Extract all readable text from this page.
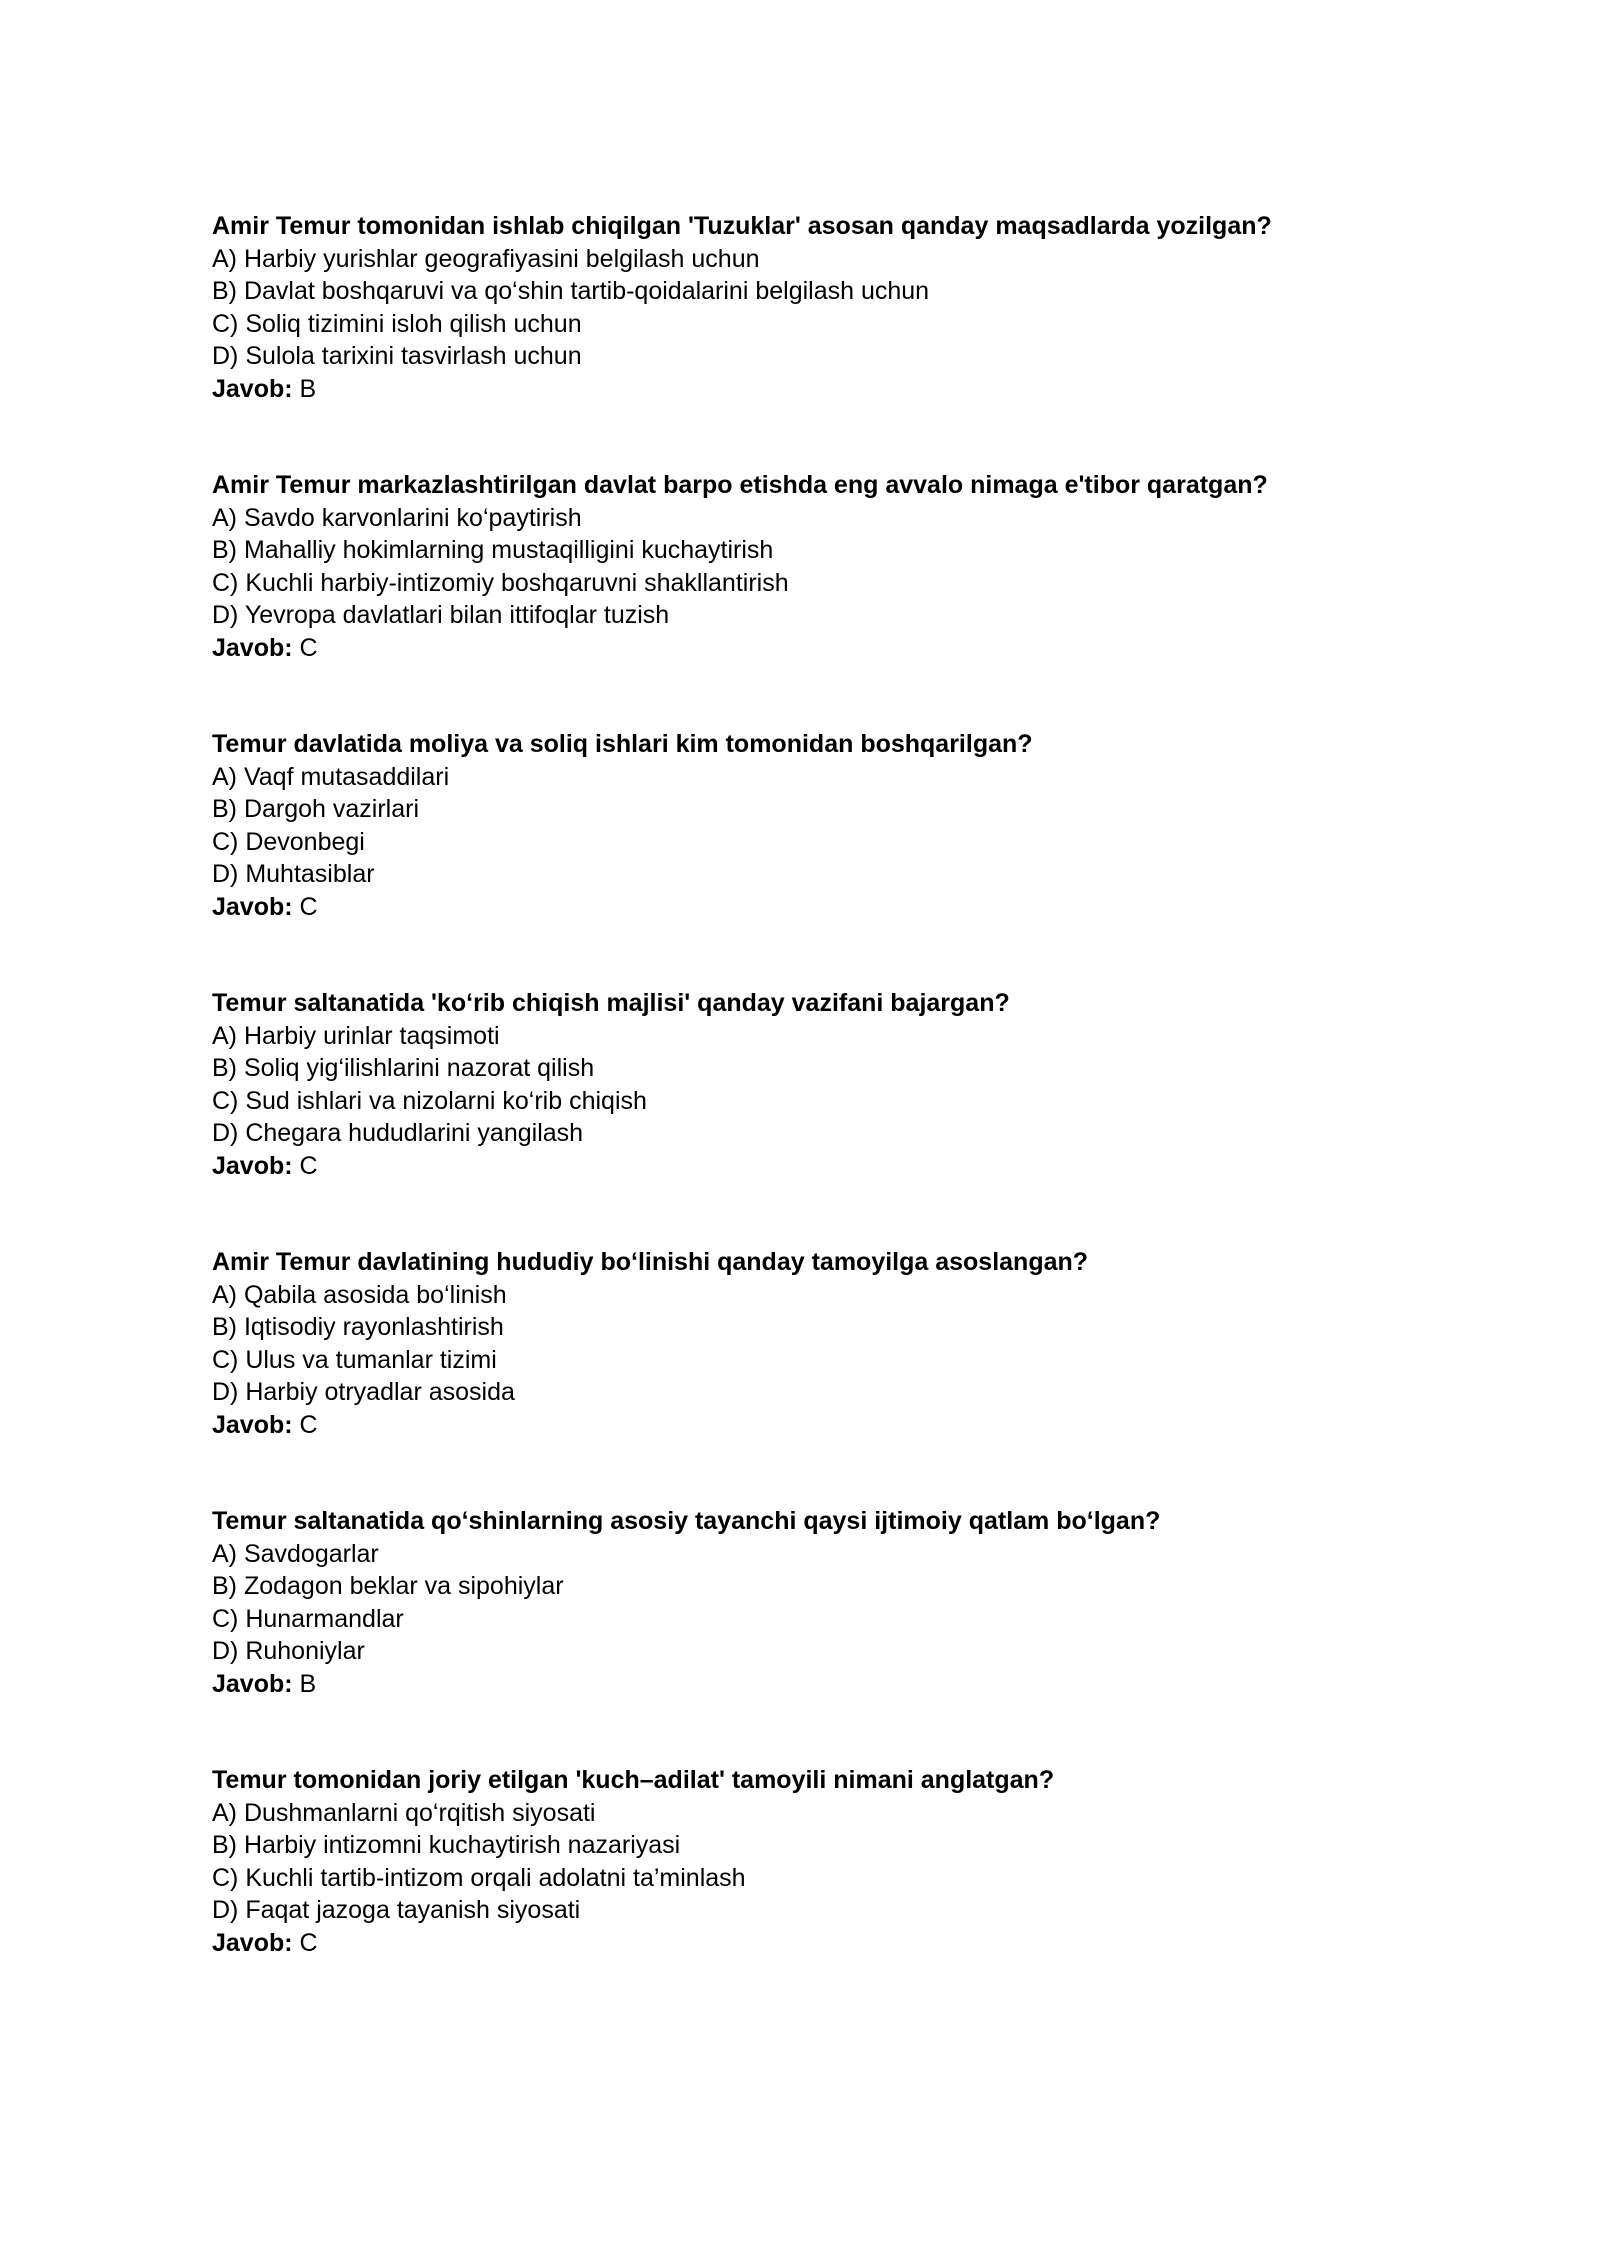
Amir Temur tomonidan ishlab chiqilgan 'Tuzuklar' asosan qanday maqsadlarda yozilgan?
A) Harbiy yurishlar geografiyasini belgilash uchun
B) Davlat boshqaruvi va qo‘shin tartib-qoidalarini belgilash uchun
C) Soliq tizimini isloh qilish uchun
D) Sulola tarixini tasvirlash uchun
Javob: B
Amir Temur markazlashtirilgan davlat barpo etishda eng avvalo nimaga e'tibor qaratgan?
A) Savdo karvonlarini ko‘paytirish
B) Mahalliy hokimlarning mustaqilligini kuchaytirish
C) Kuchli harbiy-intizomiy boshqaruvni shakllantirish
D) Yevropa davlatlari bilan ittifoqlar tuzish
Javob: C
Temur davlatida moliya va soliq ishlari kim tomonidan boshqarilgan?
A) Vaqf mutasaddilari
B) Dargoh vazirlari
C) Devonbegi
D) Muhtasiblar
Javob: C
Temur saltanatida 'ko‘rib chiqish majlisi' qanday vazifani bajargan?
A) Harbiy urinlar taqsimoti
B) Soliq yig‘ilishlarini nazorat qilish
C) Sud ishlari va nizolarni ko‘rib chiqish
D) Chegara hududlarini yangilash
Javob: C
Amir Temur davlatining hududiy bo‘linishi qanday tamoyilga asoslangan?
A) Qabila asosida bo‘linish
B) Iqtisodiy rayonlashtirish
C) Ulus va tumanlar tizimi
D) Harbiy otryadlar asosida
Javob: C
Temur saltanatida qo‘shinlarning asosiy tayanchi qaysi ijtimoiy qatlam bo‘lgan?
A) Savdogarlar
B) Zodagon beklar va sipohiylar
C) Hunarmandlar
D) Ruhoniylar
Javob: B
Temur tomonidan joriy etilgan 'kuch–adilat' tamoyili nimani anglatgan?
A) Dushmanlarni qo‘rqitish siyosati
B) Harbiy intizomni kuchaytirish nazariyasi
C) Kuchli tartib-intizom orqali adolatni ta’minlash
D) Faqat jazoga tayanish siyosati
Javob: C
